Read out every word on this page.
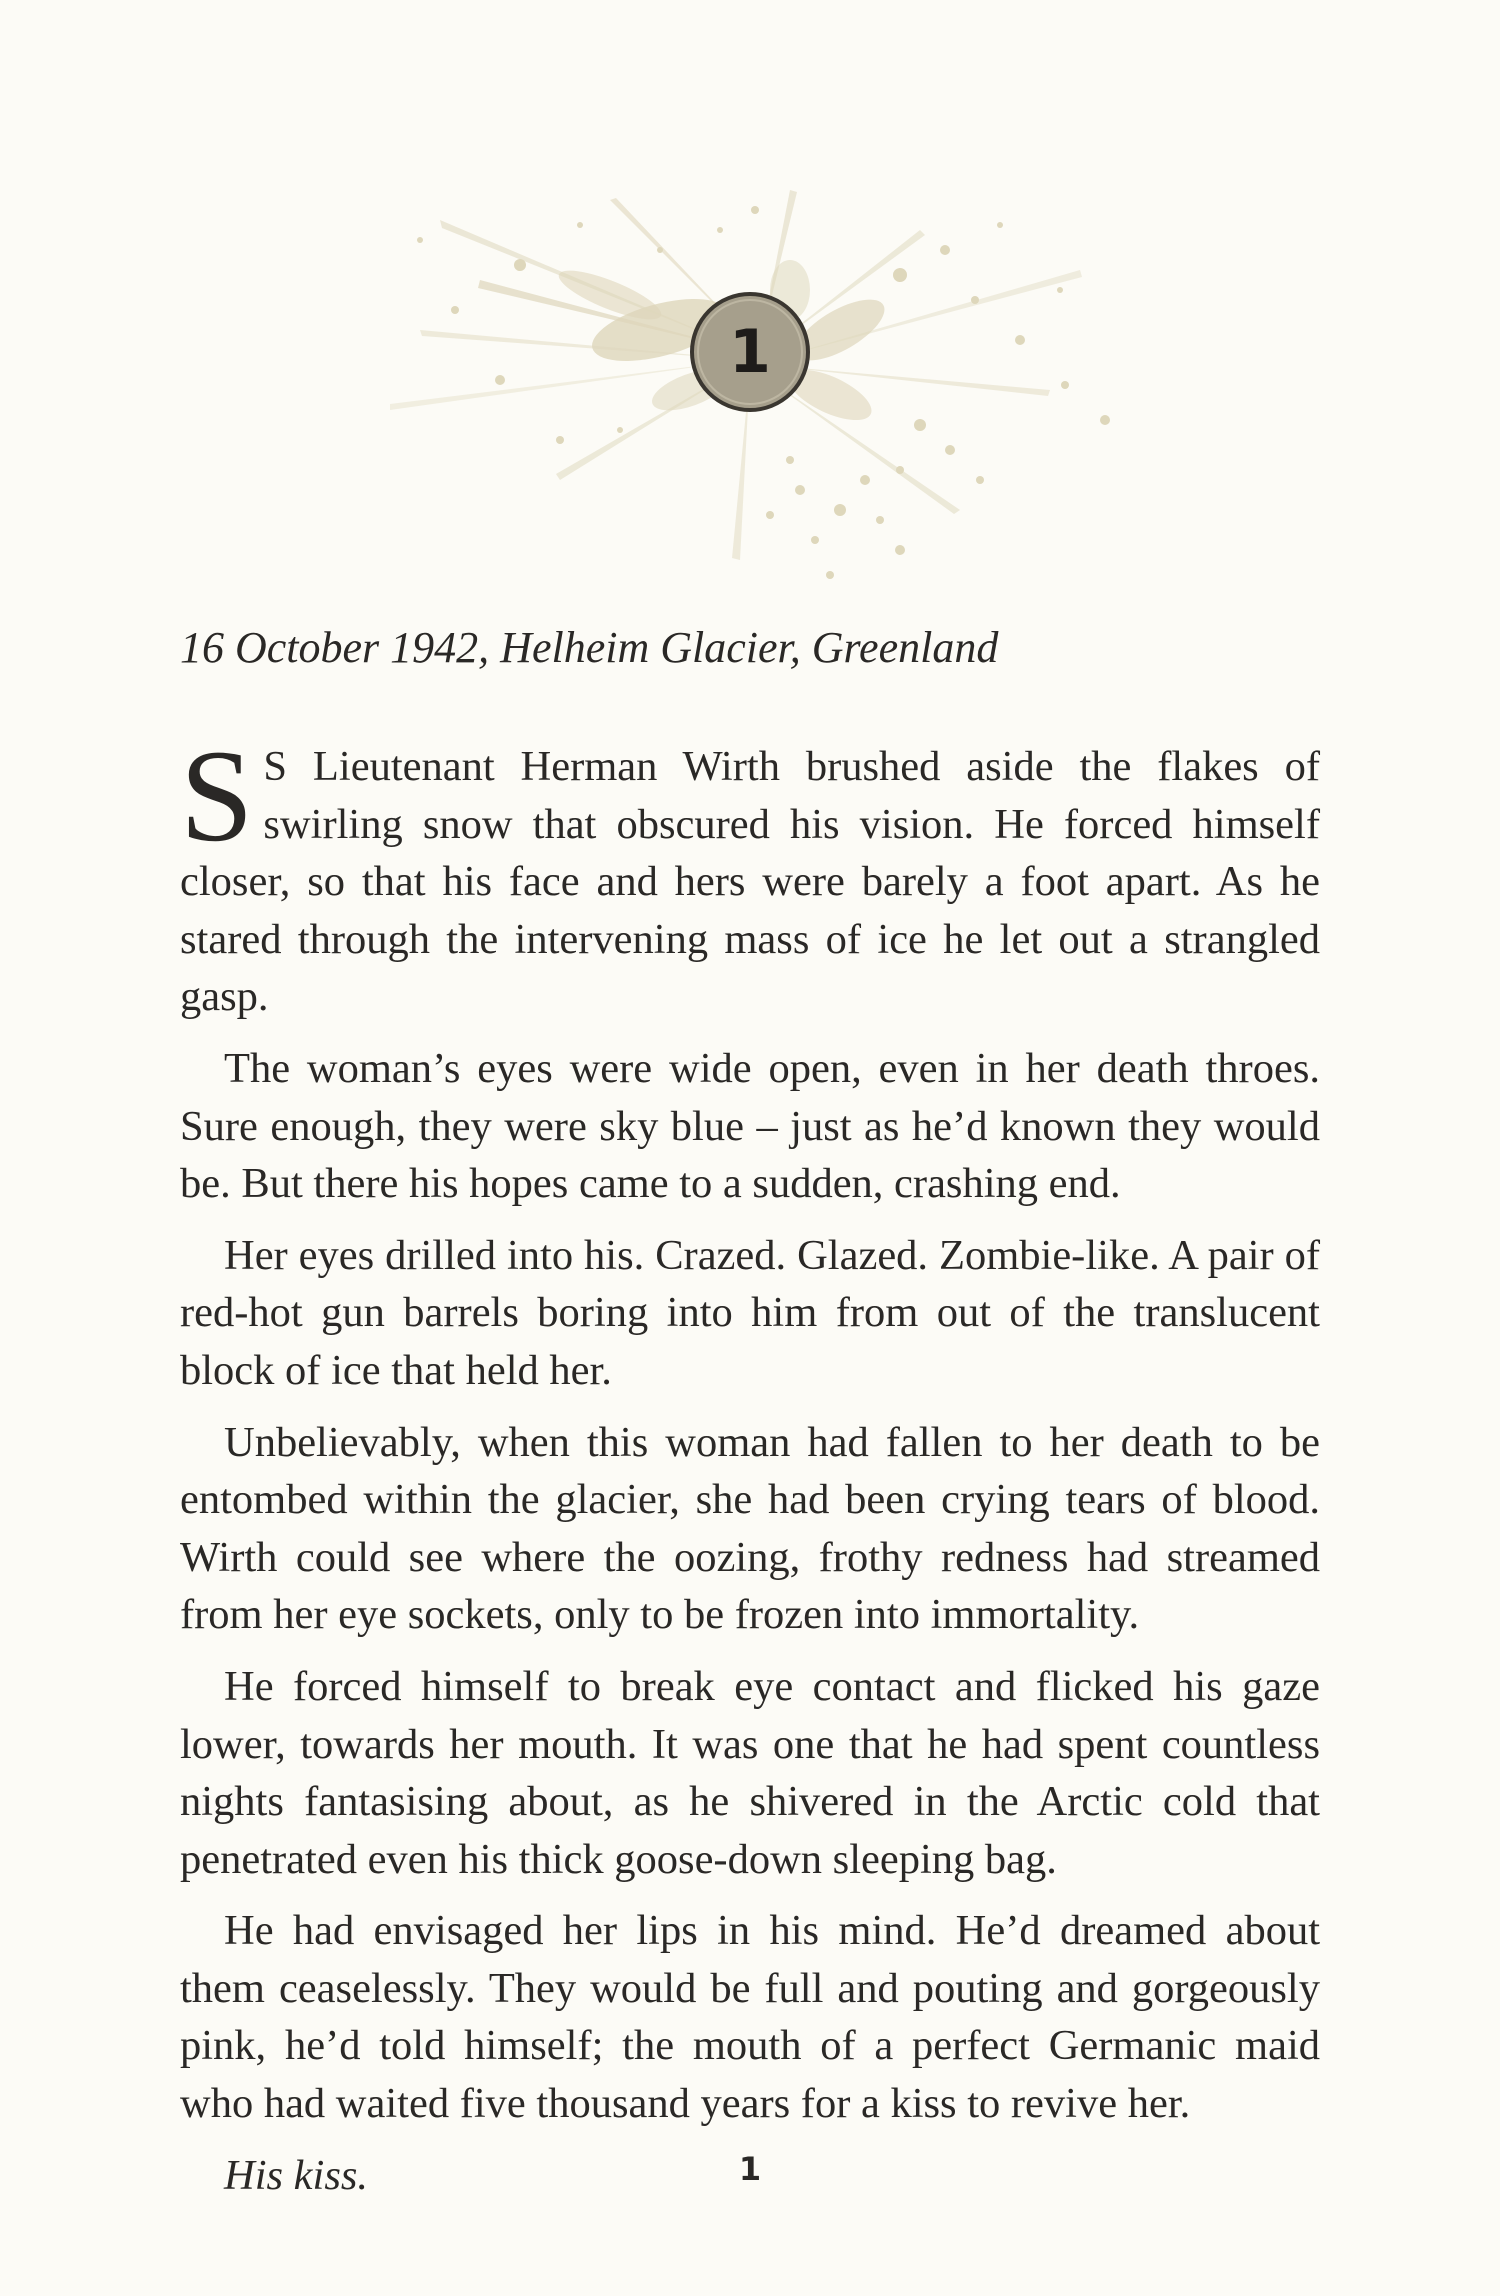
1
16 October 1942, Helheim Glacier, Greenland

S S Lieutenant Herman Wirth brushed aside the flakes of swirling snow that obscured his vision. He forced himself closer, so that his face and hers were barely a foot apart. As he stared through the intervening mass of ice he let out a strangled gasp.

The woman’s eyes were wide open, even in her death throes. Sure enough, they were sky blue – just as he’d known they would be. But there his hopes came to a sudden, crashing end.

Her eyes drilled into his. Crazed. Glazed. Zombie-like. A pair of red-hot gun barrels boring into him from out of the translucent block of ice that held her.

Unbelievably, when this woman had fallen to her death to be entombed within the glacier, she had been crying tears of blood. Wirth could see where the oozing, frothy redness had streamed from her eye sockets, only to be frozen into immortality.

He forced himself to break eye contact and flicked his gaze lower, towards her mouth. It was one that he had spent countless nights fantasising about, as he shivered in the Arctic cold that penetrated even his thick goose-down sleeping bag.

He had envisaged her lips in his mind. He’d dreamed about them ceaselessly. They would be full and pouting and gorgeously pink, he’d told himself; the mouth of a perfect Germanic maid who had waited five thousand years for a kiss to revive her.

His kiss.	1
